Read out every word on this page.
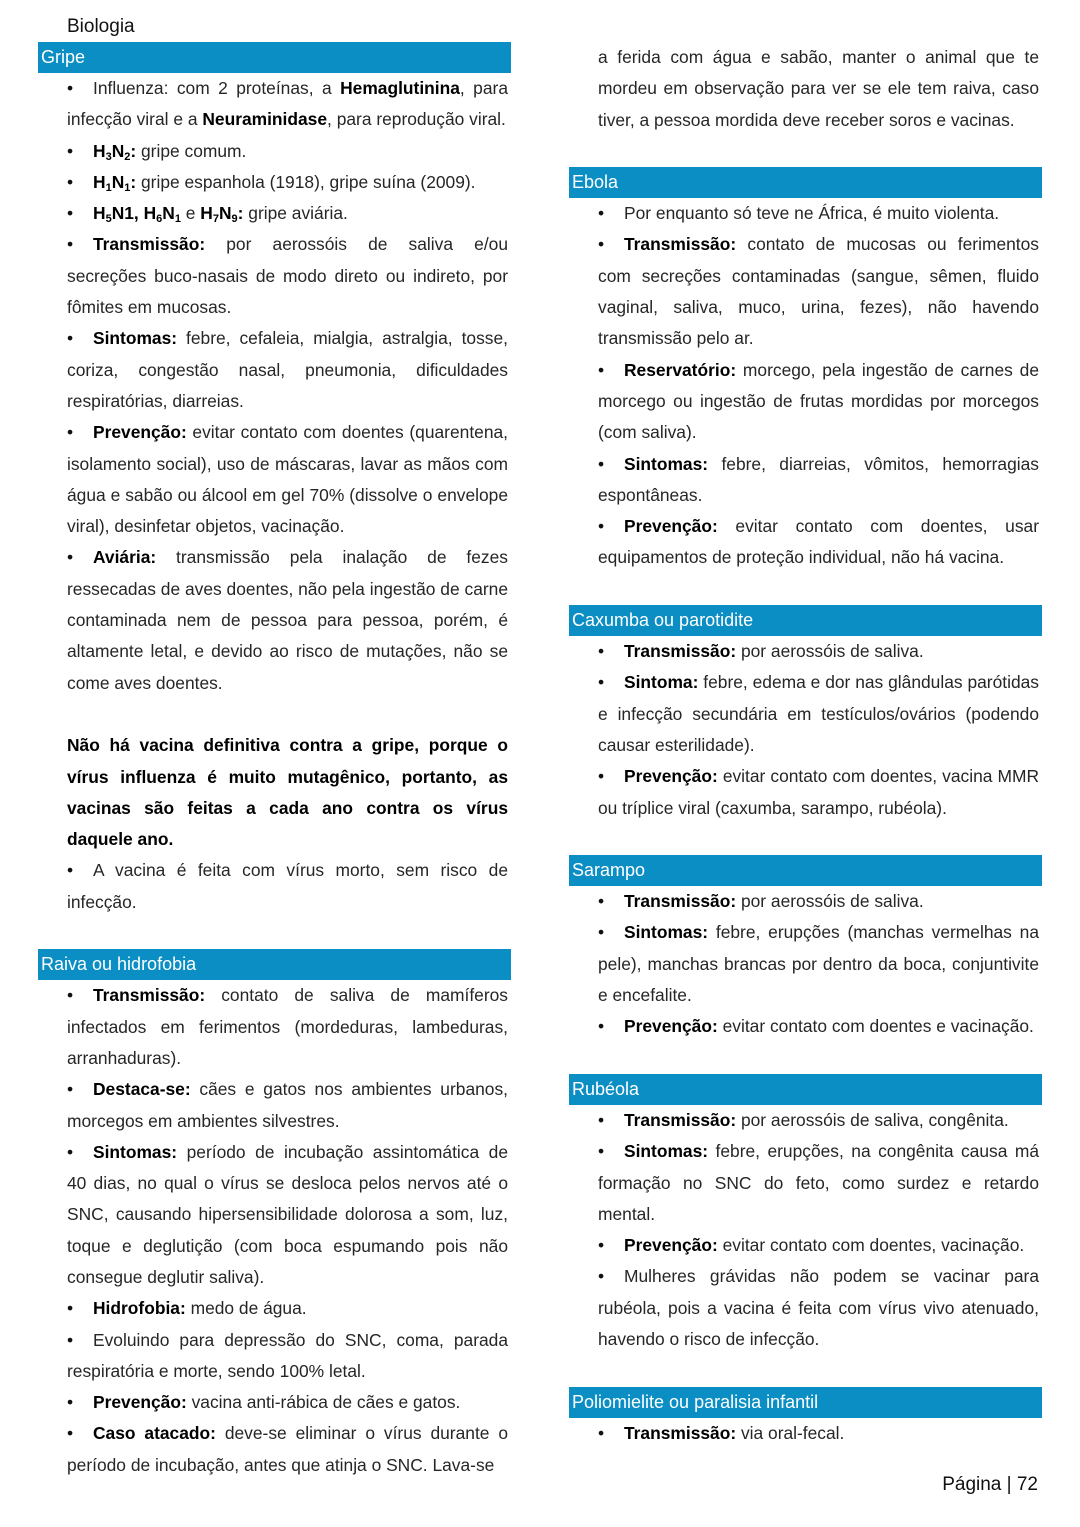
Biologia
Gripe

• Influenza: com 2 proteínas, a Hemaglutinina, para infecção viral e a Neuraminidase, para reprodução viral.

• $H_3N_2$: gripe comum.

• $H_1N_1$: gripe espanhola (1918), gripe suína (2009).

• $H_5N1$, $H_6N_1$ e $H_7N_9$: gripe aviária.

• Transmissão: por aerossóis de saliva e/ou secreções buco-nasais de modo direto ou indireto, por fômites em mucosas.

• Sintomas: febre, cefaleia, mialgia, astralgia, tosse, coriza, congestão nasal, pneumonia, dificuldades respiratórias, diarreias.

• Prevenção: evitar contato com doentes (quarentena, isolamento social), uso de máscaras, lavar as mãos com água e sabão ou álcool em gel 70% (dissolve o envelope viral), desinfetar objetos, vacinação.

• Aviária: transmissão pela inalação de fezes ressecadas de aves doentes, não pela ingestão de carne contaminada nem de pessoa para pessoa, porém, é altamente letal, e devido ao risco de mutações, não se come aves doentes.

Não há vacina definitiva contra a gripe, porque o vírus influenza é muito mutagênico, portanto, as vacinas são feitas a cada ano contra os vírus daquele ano.

• A vacina é feita com vírus morto, sem risco de infecção.

Raiva ou hidrofobia

• Transmissão: contato de saliva de mamíferos infectados em ferimentos (mordeduras, lambeduras, arranhaduras).

• Destaca-se: cães e gatos nos ambientes urbanos, morcegos em ambientes silvestres.

• Sintomas: período de incubação assintomática de 40 dias, no qual o vírus se desloca pelos nervos até o SNC, causando hipersensibilidade dolorosa a som, luz, toque e deglutição (com boca espumando pois não consegue deglutir saliva).

• Hidrofobia: medo de água.

• Evoluindo para depressão do SNC, coma, parada respiratória e morte, sendo 100% letal.

• Prevenção: vacina anti-rábica de cães e gatos.

• Caso atacado: deve-se eliminar o vírus durante o período de incubação, antes que atinja o SNC. Lava-se

a ferida com água e sabão, manter o animal que te mordeu em observação para ver se ele tem raiva, caso tiver, a pessoa mordida deve receber soros e vacinas.

Ebola

• Por enquanto só teve ne África, é muito violenta.

• Transmissão: contato de mucosas ou ferimentos com secreções contaminadas (sangue, sêmen, fluido vaginal, saliva, muco, urina, fezes), não havendo transmissão pelo ar.

• Reservatório: morcego, pela ingestão de carnes de morcego ou ingestão de frutas mordidas por morcegos (com saliva).

• Sintomas: febre, diarreias, vômitos, hemorragias espontâneas.

• Prevenção: evitar contato com doentes, usar equipamentos de proteção individual, não há vacina.

Caxumba ou parotidite

• Transmissão: por aerossóis de saliva.

• Sintoma: febre, edema e dor nas glândulas parótidas e infecção secundária em testículos/ovários (podendo causar esterilidade).

• Prevenção: evitar contato com doentes, vacina MMR ou tríplice viral (caxumba, sarampo, rubéola).

Sarampo

• Transmissão: por aerossóis de saliva.

• Sintomas: febre, erupções (manchas vermelhas na pele), manchas brancas por dentro da boca, conjuntivite e encefalite.

• Prevenção: evitar contato com doentes e vacinação.

Rubéola

• Transmissão: por aerossóis de saliva, congênita.

• Sintomas: febre, erupções, na congênita causa má formação no SNC do feto, como surdez e retardo mental.

• Prevenção: evitar contato com doentes, vacinação.

• Mulheres grávidas não podem se vacinar para rubéola, pois a vacina é feita com vírus vivo atenuado, havendo o risco de infecção.

Poliomielite ou paralisia infantil

• Transmissão: via oral-fecal.

Página | 72
